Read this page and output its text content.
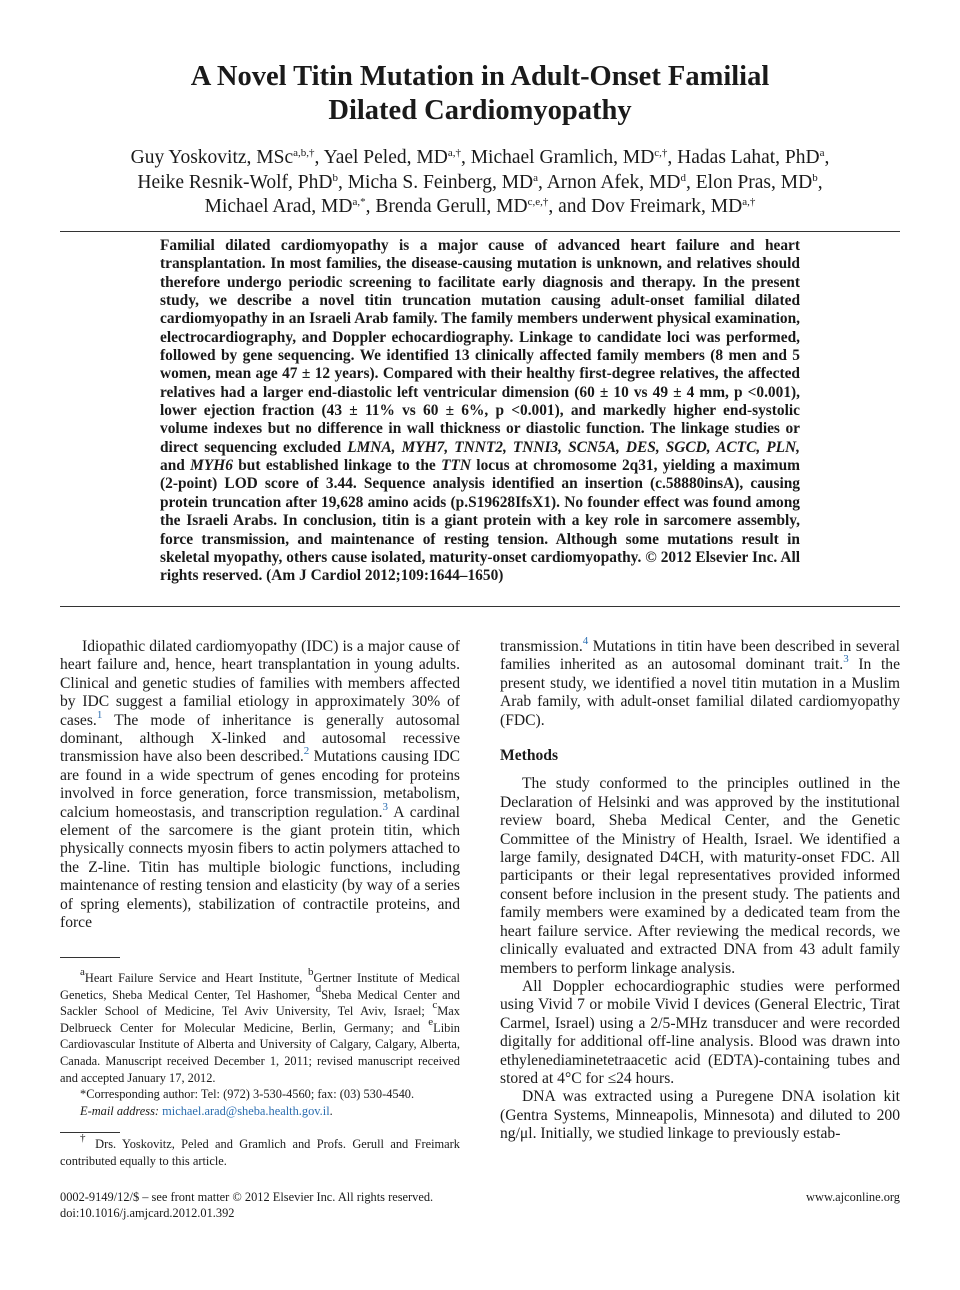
A Novel Titin Mutation in Adult-Onset Familial
Dilated Cardiomyopathy
Guy Yoskovitz, MSc$^{a,b,\dagger}$, Yael Peled, $MD^{a,\dagger}$, Michael Gramlich, $MD^{c,\dagger}$, Hadas Lahat, PhD$^a$,
Heike Resnik-Wolf, PhD$^b$, Micha S. Feinberg, $MD^a$, Arnon Afek, $MD^d$, Elon Pras, $MD^b$,
Michael Arad, $MD^{a,*}$, Brenda Gerull, $MD^{c,e,\dagger}$, and Dov Freimark, $MD^{a,\dagger}$

Familial dilated cardiomyopathy is a major cause of advanced heart failure and heart transplantation. In most families, the disease-causing mutation is unknown, and relatives should therefore undergo periodic screening to facilitate early diagnosis and therapy. In the present study, we describe a novel titin truncation mutation causing adult-onset familial dilated cardiomyopathy in an Israeli Arab family. The family members underwent physical examination, electrocardiography, and Doppler echocardiography. Linkage to candidate loci was performed, followed by gene sequencing. We identified 13 clinically affected family members (8 men and 5 women, mean age 47 ± 12 years). Compared with their healthy first-degree relatives, the affected relatives had a larger end-diastolic left ventricular dimension (60 ± 10 vs 49 ± 4 mm, p <0.001), lower ejection fraction (43 ± 11% vs 60 ± 6%, p <0.001), and markedly higher end-systolic volume indexes but no difference in wall thickness or diastolic function. The linkage studies or direct sequencing excluded LMNA, MYH7, TNNT2, TNNI3, SCN5A, DES, SGCD, ACTC, PLN, and MYH6 but established linkage to the TTN locus at chromosome 2q31, yielding a maximum (2-point) LOD score of 3.44. Sequence analysis identified an insertion (c.58880insA), causing protein truncation after 19,628 amino acids (p.S19628IfsX1). No founder effect was found among the Israeli Arabs. In conclusion, titin is a giant protein with a key role in sarcomere assembly, force transmission, and maintenance of resting tension. Although some mutations result in skeletal myopathy, others cause isolated, maturity-onset cardiomyopathy. © 2012 Elsevier Inc. All rights reserved. (Am J Cardiol 2012;109:1644–1650)

Idiopathic dilated cardiomyopathy (IDC) is a major cause of heart failure and, hence, heart transplantation in young adults. Clinical and genetic studies of families with members affected by IDC suggest a familial etiology in approximately 30% of cases.$^1$ The mode of inheritance is generally autosomal dominant, although X-linked and autosomal recessive transmission have also been described.$^2$ Mutations causing IDC are found in a wide spectrum of genes encoding for proteins involved in force generation, force transmission, metabolism, calcium homeostasis, and transcription regulation.$^3$ A cardinal element of the sarcomere is the giant protein titin, which physically connects myosin fibers to actin polymers attached to the Z-line. Titin has multiple biologic functions, including maintenance of resting tension and elasticity (by way of a series of spring elements), stabilization of contractile proteins, and force

$^a$Heart Failure Service and Heart Institute, $^b$Gertner Institute of Medical Genetics, Sheba Medical Center, Tel Hashomer, $^d$Sheba Medical Center and Sackler School of Medicine, Tel Aviv University, Tel Aviv, Israel; $^c$Max Delbrueck Center for Molecular Medicine, Berlin, Germany; and $^e$Libin Cardiovascular Institute of Alberta and University of Calgary, Calgary, Alberta, Canada. Manuscript received December 1, 2011; revised manuscript received and accepted January 17, 2012.

*Corresponding author: Tel: (972) 3-530-4560; fax: (03) 530-4540.

E-mail address: michael.arad@sheba.health.gov.il.

† Drs. Yoskovitz, Peled and Gramlich and Profs. Gerull and Freimark contributed equally to this article.

transmission.$^4$ Mutations in titin have been described in several families inherited as an autosomal dominant trait.$^3$ In the present study, we identified a novel titin mutation in a Muslim Arab family, with adult-onset familial dilated cardiomyopathy (FDC).

Methods

The study conformed to the principles outlined in the Declaration of Helsinki and was approved by the institutional review board, Sheba Medical Center, and the Genetic Committee of the Ministry of Health, Israel. We identified a large family, designated D4CH, with maturity-onset FDC. All participants or their legal representatives provided informed consent before inclusion in the present study. The patients and family members were examined by a dedicated team from the heart failure service. After reviewing the medical records, we clinically evaluated and extracted DNA from 43 adult family members to perform linkage analysis.

All Doppler echocardiographic studies were performed using Vivid 7 or mobile Vivid I devices (General Electric, Tirat Carmel, Israel) using a 2/5-MHz transducer and were recorded digitally for additional off-line analysis. Blood was drawn into ethylenediaminetetraacetic acid (EDTA)-containing tubes and stored at 4°C for ≤24 hours.

DNA was extracted using a Puregene DNA isolation kit (Gentra Systems, Minneapolis, Minnesota) and diluted to 200 ng/μl. Initially, we studied linkage to previously estab-

0002-9149/12/$ – see front matter © 2012 Elsevier Inc. All rights reserved.
doi:10.1016/j.amjcard.2012.01.392
www.ajconline.org
